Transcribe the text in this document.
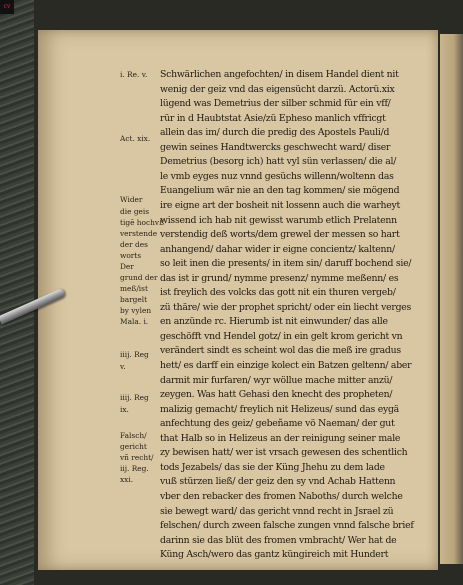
cv
Schwärlichen angefochten/ in disem Handel dient nit
wenig der geiz vnd das eigensücht darzü. Actorü.xix
lügend was Demetrius der silber schmid für ein vff/
rür in d Haubtstat Asie/zü Epheso manlich vffricgt
allein das im/ durch die predig des Apostels Pauli/d
gewin seines Handtwercks geschwecht ward/ diser
Demetrius (besorg ich) hatt vyl sün verlassen/ die al/
le vmb eyges nuz vnnd gesüchs willenn/woltenn das
Euangelium wär nie an den tag kommen/ sie mögend
ire eigne art der bosheit nit lossenn auch die warheyt
wissend ich hab nit gewisst warumb etlich Prelatenn
verstendig deß worts/dem grewel der messen so hart
anhangend/ dahar wider ir eigne concientz/ kaltenn/
so leit inen die presents/ in item sin/ daruff bochend sie/
das ist ir grund/ nymme presenz/ nymme meßenn/ es
ist freylich des volcks das gott nit ein thuren vergeb/
zü thäre/ wie der prophet spricht/ oder ein liecht verges
en anzünde rc. Hierumb ist nit einwunder/ das alle
geschöfft vnd Hendel gotz/ in ein gelt krom gericht vn
verändert sindt es scheint wol das die meß ire gradus
hett/ es darff ein einzige kolect ein Batzen geltenn/ aber
darmit mir furfaren/ wyr wöllue mache mitter anzü/
zeygen. Was hatt Gehasi den knecht des propheten/
malizig gemacht/ freylich nit Helizeus/ sund das eygä
anfechtung des geiz/ gebeñame vö Naeman/ der gut
that Halb so in Helizeus an der reinigung seiner male
zy bewisen hatt/ wer ist vrsach gewesen des schentlich
tods Jezabels/ das sie der Küng Jhehu zu dem lade
vuß stürzen ließ/ der geiz den sy vnd Achab Hattenn
vber den rebacker des fromen Naboths/ durch welche
sie bewegt ward/ das gericht vnnd recht in Jsrael zü
felschen/ durch zween falsche zungen vnnd falsche brief
darinn sie das blüt des fromen vmbracht/ Wer hat de
Küng Asch/wero das gantz küngireich mit Hundert
i. Re. v.
Act. xix.
Wider
die geis
tigē hochvß
verstende
der des
worts
Der
grund der
meß/ist
bargelt
by vylen
Mala. i.
iiij. Reg
v.
iiij. Reg
ix.
Falsch/
gericht
vñ recht/
iij. Reg.
xxi.
